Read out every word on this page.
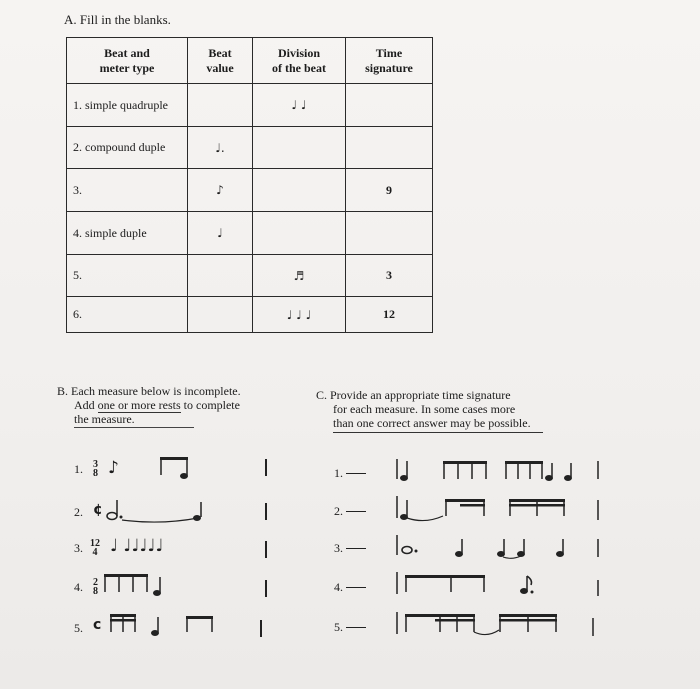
A. Fill in the blanks.
Beat and
meter type	Beat
value	Division
of the beat	Time
signature
1. simple quadruple		♩ ♩	
2. compound duple	♩.		
3.	♪		9
4. simple duple	♩		
5.		♬	3
6.		♩ ♩ ♩	12
B. Each measure below is incomplete.
Add one or more rests to complete
the measure.
C. Provide an appropriate time signature
for each measure. In some cases more
than one correct answer may be possible.
1. 3
8 ♪
2. ¢
3. 12
4 ♩ ♩♩♩♩♩
4. 2
8
5. c
1.
2.
3.
4.
5.
